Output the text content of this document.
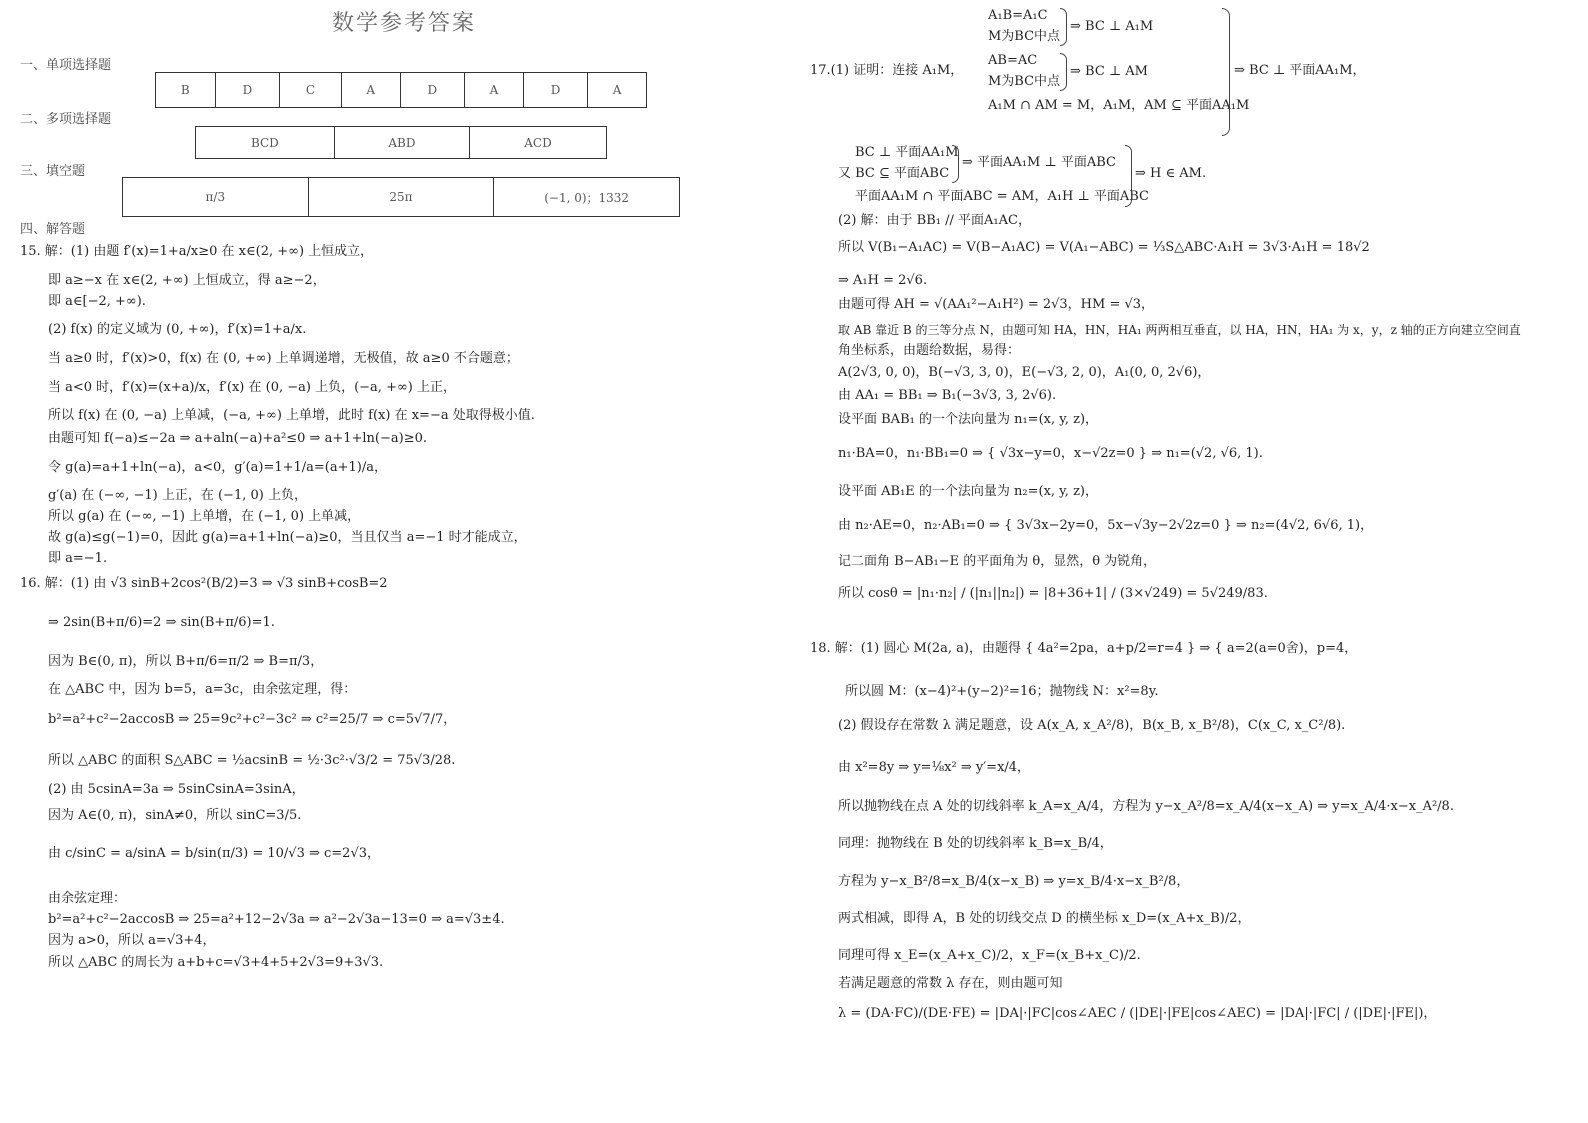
数学参考答案
一、单项选择题
二、多项选择题
三、填空题
四、解答题
B	D	C	A	D	A	D	A
BCD	ABD	ACD
π/3	25π	(−1, 0)；1332
15. 解：(1) 由题 f′(x)=1+a/x≥0 在 x∈(2, +∞) 上恒成立，
即 a≥−x 在 x∈(2, +∞) 上恒成立，得 a≥−2，
即 a∈[−2, +∞).
(2) f(x) 的定义域为 (0, +∞)，f′(x)=1+a/x.
当 a≥0 时，f′(x)>0，f(x) 在 (0, +∞) 上单调递增，无极值，故 a≥0 不合题意；
当 a<0 时，f′(x)=(x+a)/x，f′(x) 在 (0, −a) 上负，(−a, +∞) 上正，
所以 f(x) 在 (0, −a) 上单减，(−a, +∞) 上单增，此时 f(x) 在 x=−a 处取得极小值.
由题可知 f(−a)≤−2a ⇒ a+aln(−a)+a²≤0 ⇒ a+1+ln(−a)≥0.
令 g(a)=a+1+ln(−a)，a<0，g′(a)=1+1/a=(a+1)/a，
g′(a) 在 (−∞, −1) 上正，在 (−1, 0) 上负，
所以 g(a) 在 (−∞, −1) 上单增，在 (−1, 0) 上单减，
故 g(a)≤g(−1)=0，因此 g(a)=a+1+ln(−a)≥0，当且仅当 a=−1 时才能成立，
即 a=−1.
16. 解：(1) 由 √3 sinB+2cos²(B/2)=3 ⇒ √3 sinB+cosB=2
⇒ 2sin(B+π/6)=2 ⇒ sin(B+π/6)=1.
因为 B∈(0, π)，所以 B+π/6=π/2 ⇒ B=π/3，
在 △ABC 中，因为 b=5，a=3c，由余弦定理，得：
b²=a²+c²−2accosB ⇒ 25=9c²+c²−3c² ⇒ c²=25/7 ⇒ c=5√7/7，
所以 △ABC 的面积 S△ABC = ½acsinB = ½·3c²·√3/2 = 75√3/28.
(2) 由 5csinA=3a ⇒ 5sinCsinA=3sinA，
因为 A∈(0, π)，sinA≠0，所以 sinC=3/5.
由 c/sinC = a/sinA = b/sin(π/3) = 10/√3 ⇒ c=2√3，
由余弦定理：
b²=a²+c²−2accosB ⇒ 25=a²+12−2√3a ⇒ a²−2√3a−13=0 ⇒ a=√3±4.
因为 a>0，所以 a=√3+4，
所以 △ABC 的周长为 a+b+c=√3+4+5+2√3=9+3√3.
A₁B=A₁C
M为BC中点
⇒ BC ⊥ A₁M
17.(1) 证明：连接 A₁M，
AB=AC
M为BC中点
⇒ BC ⊥ AM
A₁M ∩ AM = M，A₁M，AM ⊆ 平面AA₁M
⇒ BC ⊥ 平面AA₁M，
BC ⊥ 平面AA₁M
又 BC ⊆ 平面ABC
⇒ 平面AA₁M ⊥ 平面ABC
平面AA₁M ∩ 平面ABC = AM，A₁H ⊥ 平面ABC
⇒ H ∈ AM.
(2) 解：由于 BB₁ // 平面A₁AC，
所以 V(B₁−A₁AC) = V(B−A₁AC) = V(A₁−ABC) = ⅓S△ABC·A₁H = 3√3·A₁H = 18√2
⇒ A₁H = 2√6.
由题可得 AH = √(AA₁²−A₁H²) = 2√3，HM = √3，
取 AB 靠近 B 的三等分点 N，由题可知 HA，HN，HA₁ 两两相互垂直，以 HA，HN，HA₁ 为 x，y，z 轴的正方向建立空间直
角坐标系，由题给数据，易得：
A(2√3, 0, 0)，B(−√3, 3, 0)，E(−√3, 2, 0)，A₁(0, 0, 2√6)，
由 AA₁ = BB₁ ⇒ B₁(−3√3, 3, 2√6).
设平面 BAB₁ 的一个法向量为 n₁=(x, y, z)，
n₁·BA=0，n₁·BB₁=0 ⇒ { √3x−y=0，x−√2z=0 } ⇒ n₁=(√2, √6, 1).
设平面 AB₁E 的一个法向量为 n₂=(x, y, z)，
由 n₂·AE=0，n₂·AB₁=0 ⇒ { 3√3x−2y=0，5x−√3y−2√2z=0 } ⇒ n₂=(4√2, 6√6, 1)，
记二面角 B−AB₁−E 的平面角为 θ，显然，θ 为锐角，
所以 cosθ = |n₁·n₂| / (|n₁||n₂|) = |8+36+1| / (3×√249) = 5√249/83.
18. 解：(1) 圆心 M(2a, a)，由题得 { 4a²=2pa，a+p/2=r=4 } ⇒ { a=2(a=0舍)，p=4，
所以圆 M：(x−4)²+(y−2)²=16；抛物线 N：x²=8y.
(2) 假设存在常数 λ 满足题意，设 A(x_A, x_A²/8)，B(x_B, x_B²/8)，C(x_C, x_C²/8).
由 x²=8y ⇒ y=⅛x² ⇒ y′=x/4，
所以抛物线在点 A 处的切线斜率 k_A=x_A/4，方程为 y−x_A²/8=x_A/4(x−x_A) ⇒ y=x_A/4·x−x_A²/8.
同理：抛物线在 B 处的切线斜率 k_B=x_B/4，
方程为 y−x_B²/8=x_B/4(x−x_B) ⇒ y=x_B/4·x−x_B²/8，
两式相减，即得 A，B 处的切线交点 D 的横坐标 x_D=(x_A+x_B)/2，
同理可得 x_E=(x_A+x_C)/2，x_F=(x_B+x_C)/2.
若满足题意的常数 λ 存在，则由题可知
λ = (DA·FC)/(DE·FE) = |DA|·|FC|cos∠AEC / (|DE|·|FE|cos∠AEC) = |DA|·|FC| / (|DE|·|FE|)，
